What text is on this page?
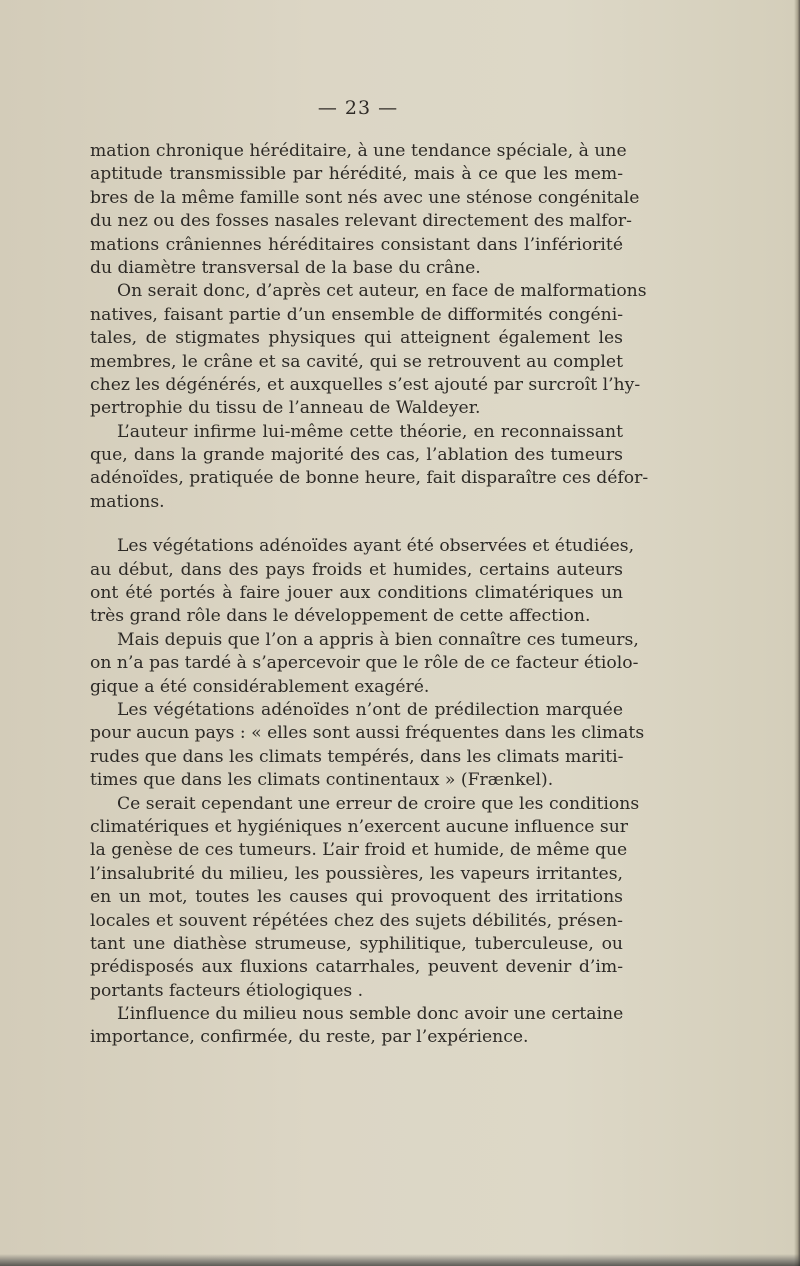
— 23 —
mation chronique héréditaire, à une tendance spéciale, à une
aptitude transmissible par hérédité, mais à ce que les mem-
bres de la même famille sont nés avec une sténose congénitale
du nez ou des fosses nasales relevant directement des malfor-
mations crâniennes héréditaires consistant dans l’infériorité
du diamètre transversal de la base du crâne.
On serait donc, d’après cet auteur, en face de malformations
natives, faisant partie d’un ensemble de difformités congéni-
tales, de stigmates physiques qui atteignent également les
membres, le crâne et sa cavité, qui se retrouvent au complet
chez les dégénérés, et auxquelles s’est ajouté par surcroît l’hy-
pertrophie du tissu de l’anneau de Waldeyer.
L’auteur infirme lui-même cette théorie, en reconnaissant
que, dans la grande majorité des cas, l’ablation des tumeurs
adénoïdes, pratiquée de bonne heure, fait disparaître ces défor-
mations.
Les végétations adénoïdes ayant été observées et étudiées,
au début, dans des pays froids et humides, certains auteurs
ont été portés à faire jouer aux conditions climatériques un
très grand rôle dans le développement de cette affection.
Mais depuis que l’on a appris à bien connaître ces tumeurs,
on n’a pas tardé à s’apercevoir que le rôle de ce facteur étiolo-
gique a été considérablement exagéré.
Les végétations adénoïdes n’ont de prédilection marquée
pour aucun pays : « elles sont aussi fréquentes dans les climats
rudes que dans les climats tempérés, dans les climats mariti-
times que dans les climats continentaux » (Frænkel).
Ce serait cependant une erreur de croire que les conditions
climatériques et hygiéniques n’exercent aucune influence sur
la genèse de ces tumeurs. L’air froid et humide, de même que
l’insalubrité du milieu, les poussières, les vapeurs irritantes,
en un mot, toutes les causes qui provoquent des irritations
locales et souvent répétées chez des sujets débilités, présen-
tant une diathèse strumeuse, syphilitique, tuberculeuse, ou
prédisposés aux fluxions catarrhales, peuvent devenir d’im-
portants facteurs étiologiques .
L’influence du milieu nous semble donc avoir une certaine
importance, confirmée, du reste, par l’expérience.
